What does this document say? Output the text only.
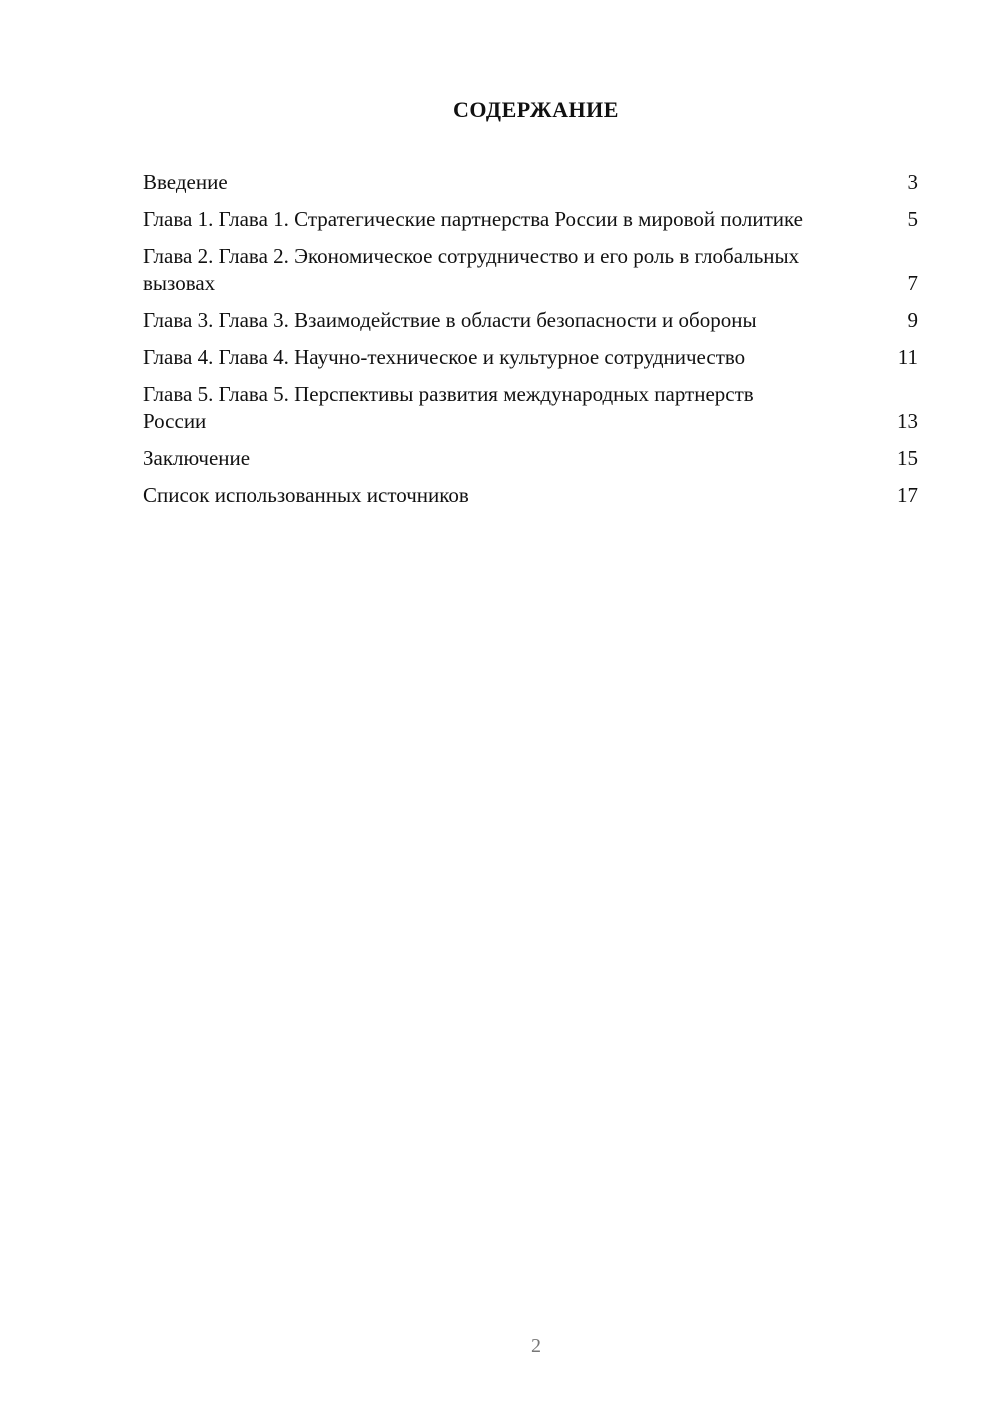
СОДЕРЖАНИЕ
Введение	3
Глава 1. Глава 1. Стратегические партнерства России в мировой политике	5
Глава 2. Глава 2. Экономическое сотрудничество и его роль в глобальных вызовах	7
Глава 3. Глава 3. Взаимодействие в области безопасности и обороны	9
Глава 4. Глава 4. Научно-техническое и культурное сотрудничество	11
Глава 5. Глава 5. Перспективы развития международных партнерств России	13
Заключение	15
Список использованных источников	17
2
